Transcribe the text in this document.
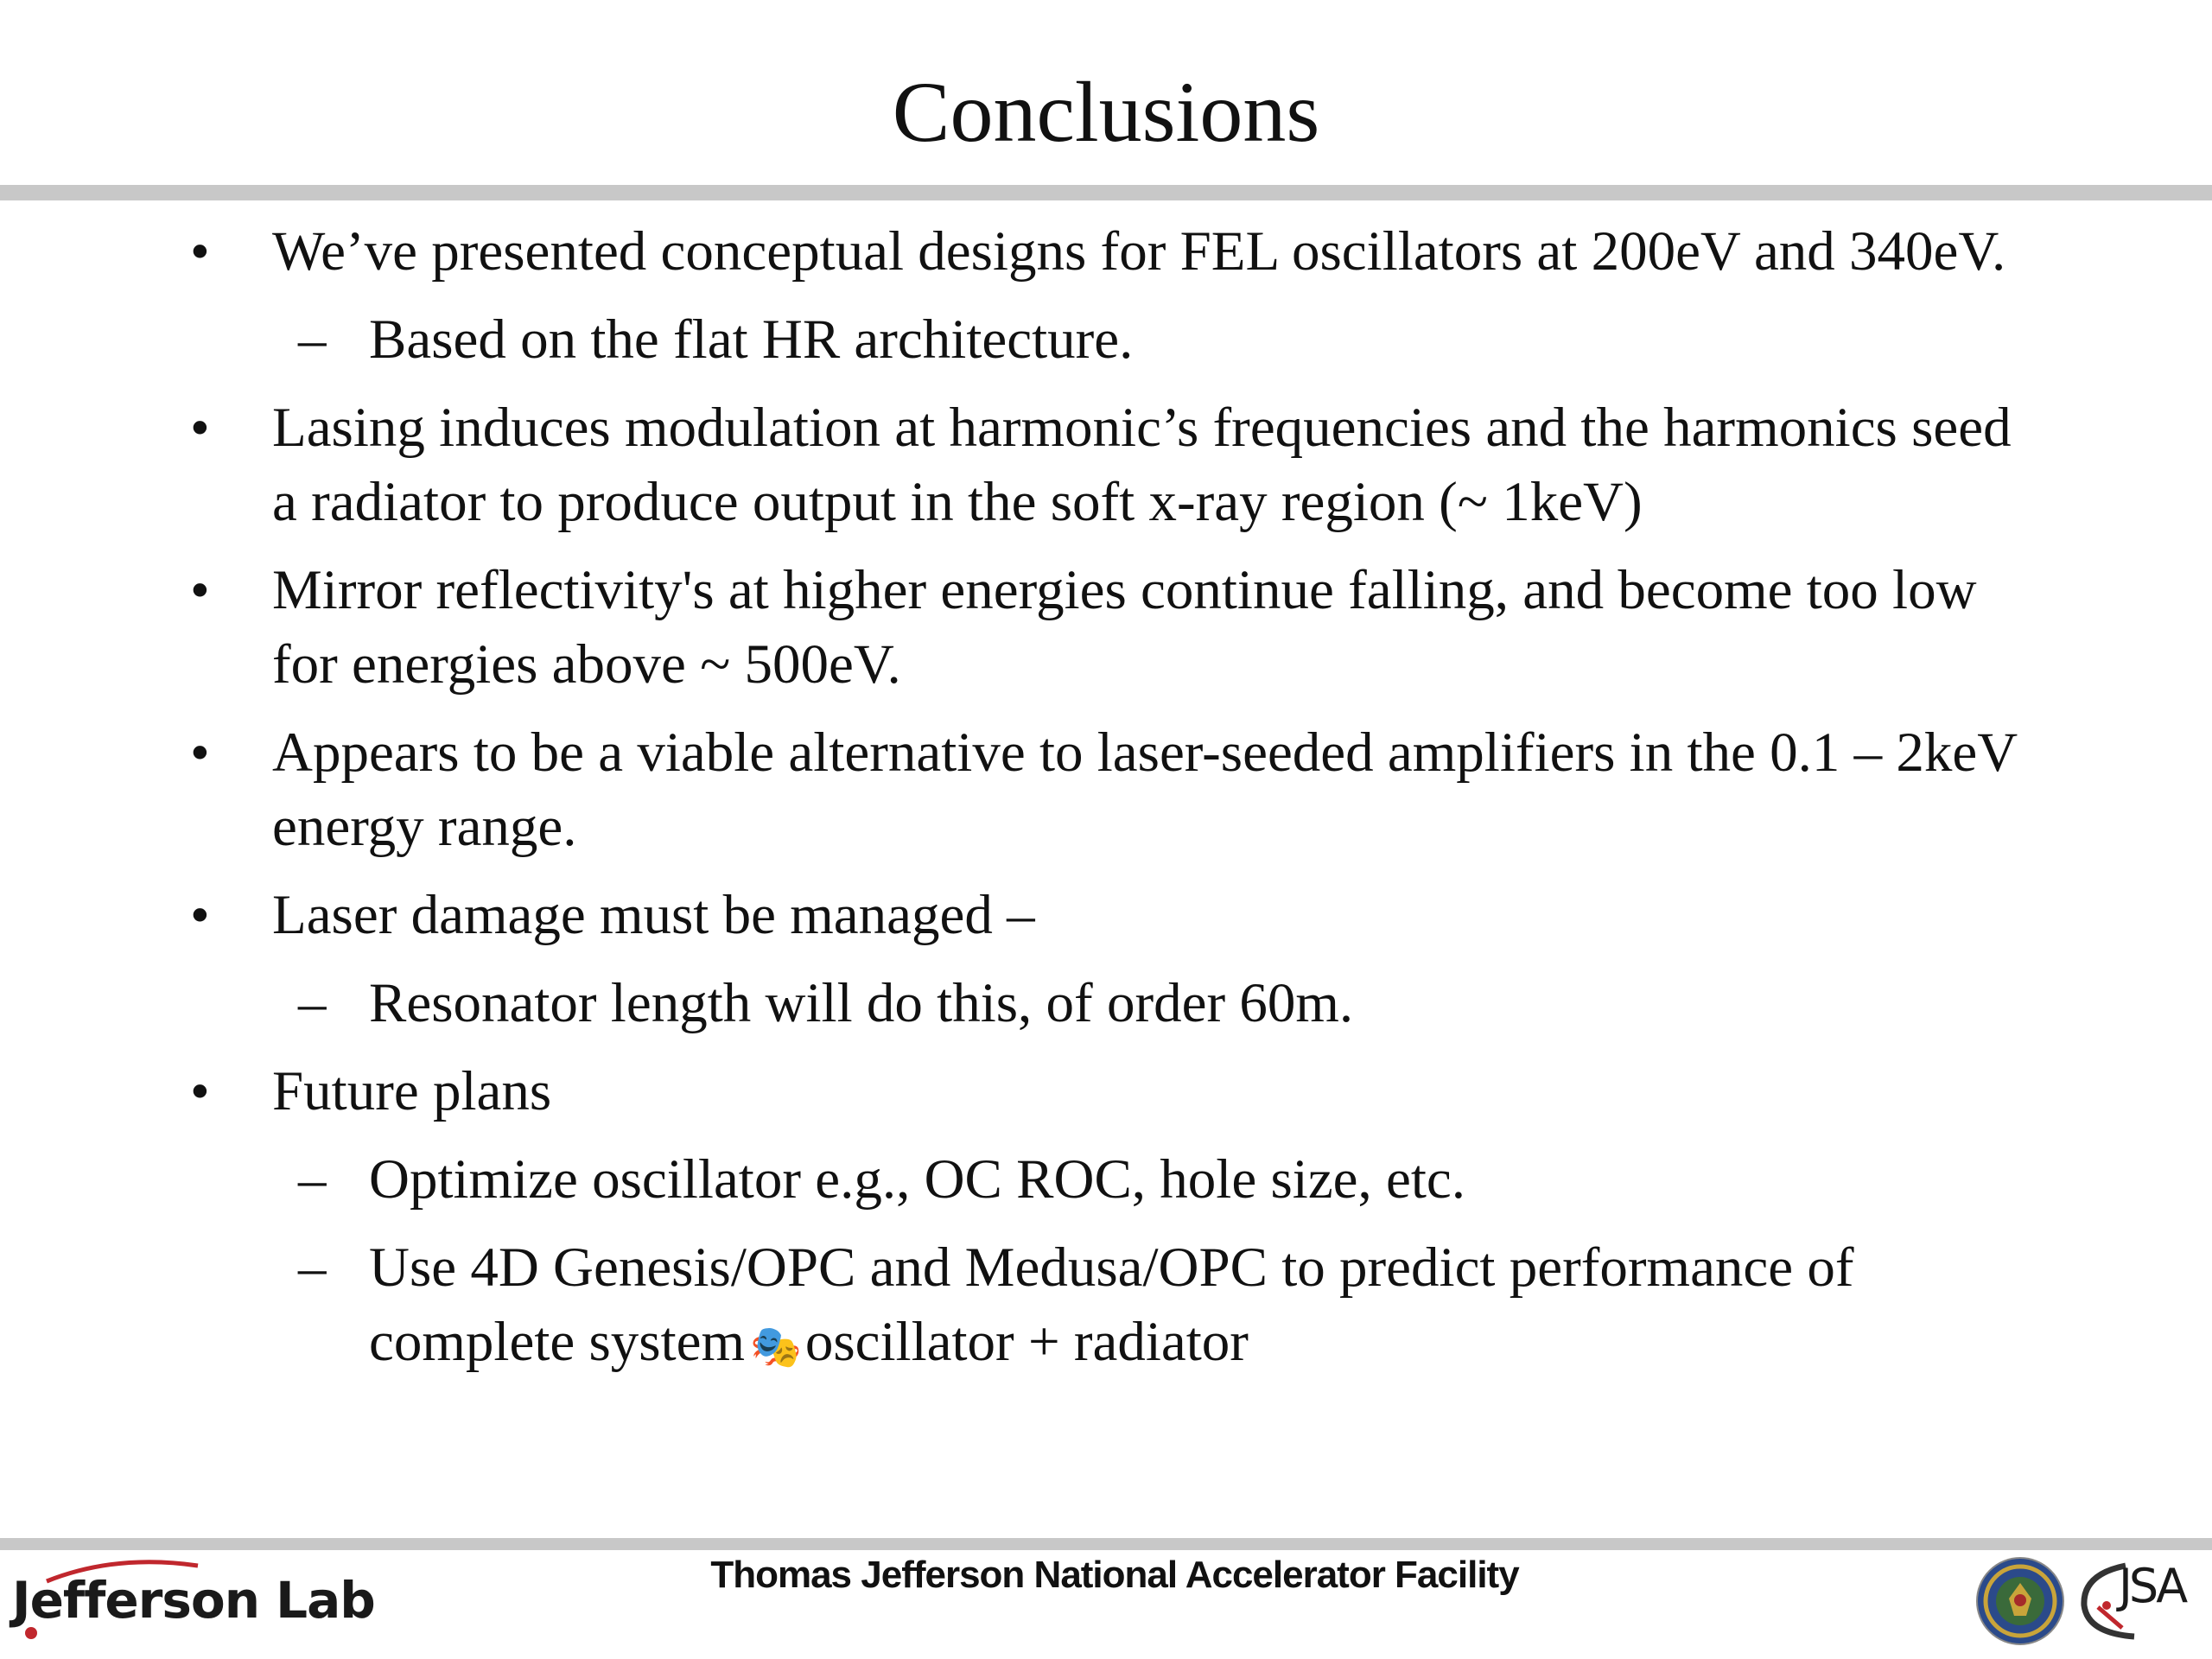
Conclusions
• We’ve presented conceptual designs for FEL oscillators at 200eV and 340eV.
– Based on the flat HR architecture.
• Lasing induces modulation at harmonic’s frequencies and the harmonics seed a radiator to produce output in the soft x-ray region (~ 1keV)
• Mirror reflectivity's at higher energies continue falling, and become too low for energies above ~ 500eV.
• Appears to be a viable alternative to laser-seeded amplifiers in the 0.1 – 2keV energy range.
• Laser damage must be managed –
– Resonator length will do this, of order 60m.
• Future plans
– Optimize oscillator e.g., OC ROC, hole size, etc.
– Use 4D Genesis/OPC and Medusa/OPC to predict performance of complete system 🎭 oscillator + radiator
Jefferson Lab	Thomas Jefferson National Accelerator Facility	JSA
